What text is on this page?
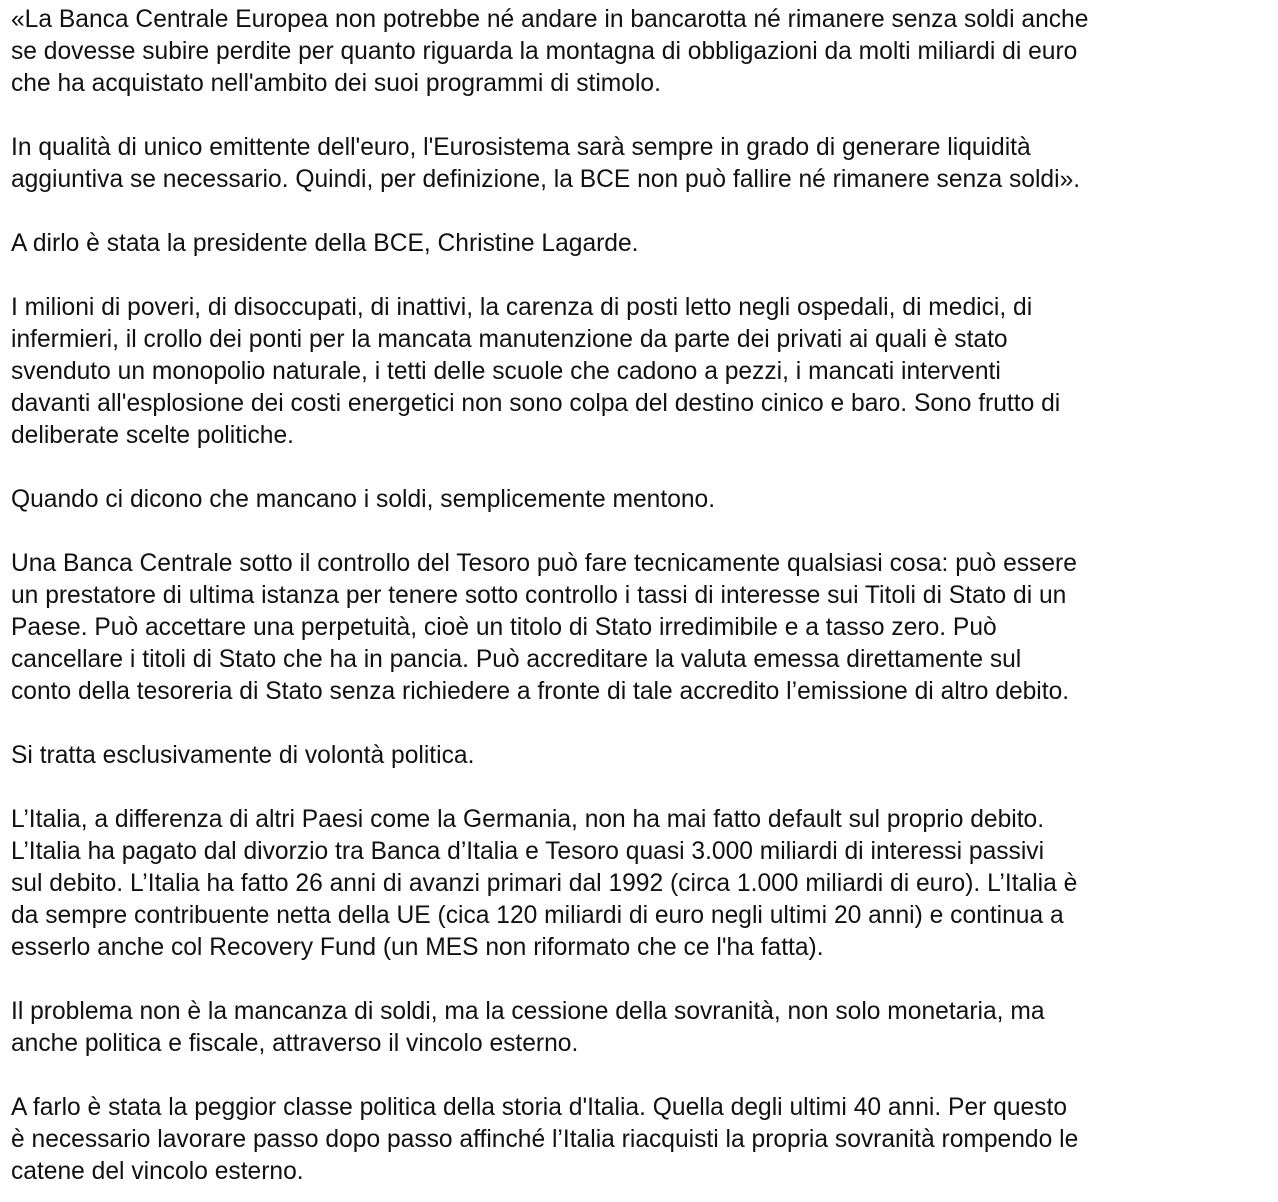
«La Banca Centrale Europea non potrebbe né andare in bancarotta né rimanere senza soldi anche
se dovesse subire perdite per quanto riguarda la montagna di obbligazioni da molti miliardi di euro
che ha acquistato nell'ambito dei suoi programmi di stimolo.
In qualità di unico emittente dell'euro, l'Eurosistema sarà sempre in grado di generare liquidità
aggiuntiva se necessario. Quindi, per definizione, la BCE non può fallire né rimanere senza soldi».
A dirlo è stata la presidente della BCE, Christine Lagarde.
I milioni di poveri, di disoccupati, di inattivi, la carenza di posti letto negli ospedali, di medici, di
infermieri, il crollo dei ponti per la mancata manutenzione da parte dei privati ai quali è stato
svenduto un monopolio naturale, i tetti delle scuole che cadono a pezzi, i mancati interventi
davanti all'esplosione dei costi energetici non sono colpa del destino cinico e baro. Sono frutto di
deliberate scelte politiche.
Quando ci dicono che mancano i soldi, semplicemente mentono.
Una Banca Centrale sotto il controllo del Tesoro può fare tecnicamente qualsiasi cosa: può essere
un prestatore di ultima istanza per tenere sotto controllo i tassi di interesse sui Titoli di Stato di un
Paese. Può accettare una perpetuità, cioè un titolo di Stato irredimibile e a tasso zero. Può
cancellare i titoli di Stato che ha in pancia. Può accreditare la valuta emessa direttamente sul
conto della tesoreria di Stato senza richiedere a fronte di tale accredito l’emissione di altro debito.
Si tratta esclusivamente di volontà politica.
L’Italia, a differenza di altri Paesi come la Germania, non ha mai fatto default sul proprio debito.
L’Italia ha pagato dal divorzio tra Banca d’Italia e Tesoro quasi 3.000 miliardi di interessi passivi
sul debito. L’Italia ha fatto 26 anni di avanzi primari dal 1992 (circa 1.000 miliardi di euro). L’Italia è
da sempre contribuente netta della UE (cica 120 miliardi di euro negli ultimi 20 anni) e continua a
esserlo anche col Recovery Fund (un MES non riformato che ce l'ha fatta).
Il problema non è la mancanza di soldi, ma la cessione della sovranità, non solo monetaria, ma
anche politica e fiscale, attraverso il vincolo esterno.
A farlo è stata la peggior classe politica della storia d'Italia. Quella degli ultimi 40 anni. Per questo
è necessario lavorare passo dopo passo affinché l’Italia riacquisti la propria sovranità rompendo le
catene del vincolo esterno.
